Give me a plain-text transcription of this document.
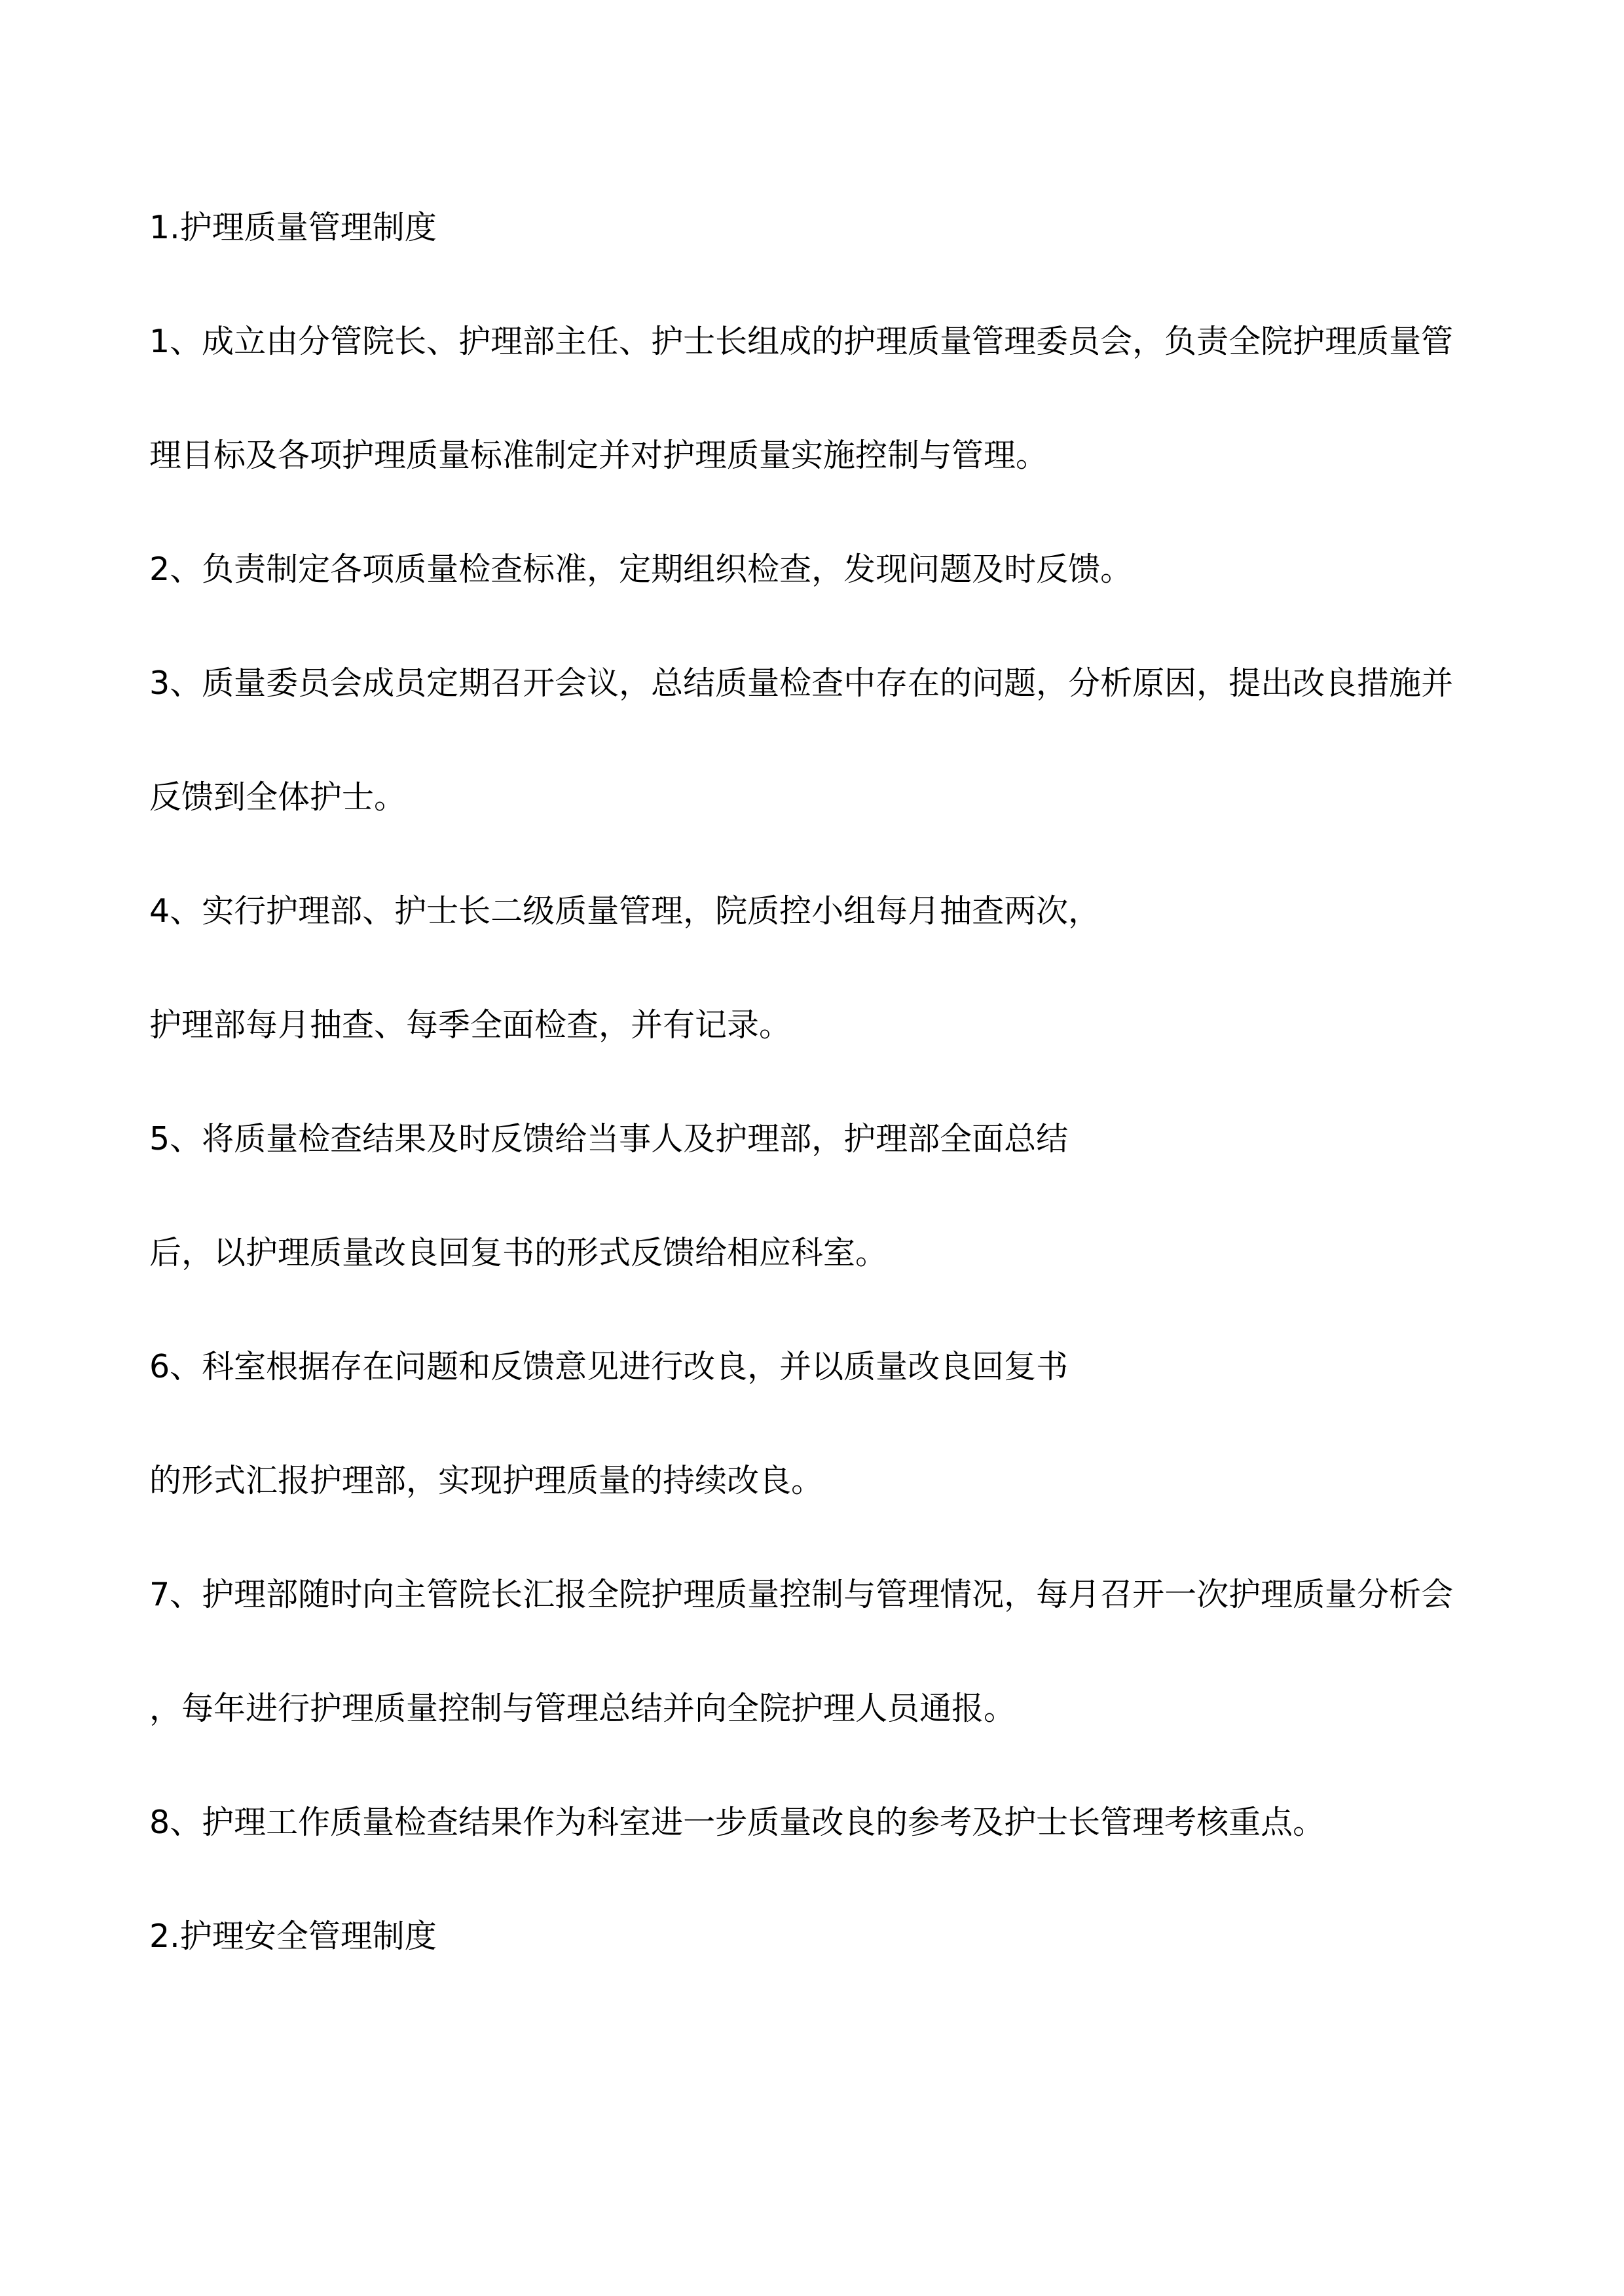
1.护理质量管理制度
1、成立由分管院长、护理部主任、护士长组成的护理质量管理委员会，负责全院护理质量管
理目标及各项护理质量标准制定并对护理质量实施控制与管理。
2、负责制定各项质量检查标准，定期组织检查，发现问题及时反馈。
3、质量委员会成员定期召开会议，总结质量检查中存在的问题，分析原因，提出改良措施并
反馈到全体护士。
4、实行护理部、护士长二级质量管理，院质控小组每月抽查两次，
护理部每月抽查、每季全面检查，并有记录。
5、将质量检查结果及时反馈给当事人及护理部，护理部全面总结
后，以护理质量改良回复书的形式反馈给相应科室。
6、科室根据存在问题和反馈意见进行改良，并以质量改良回复书
的形式汇报护理部，实现护理质量的持续改良。
7、护理部随时向主管院长汇报全院护理质量控制与管理情况，每月召开一次护理质量分析会
，每年进行护理质量控制与管理总结并向全院护理人员通报。
8、护理工作质量检查结果作为科室进一步质量改良的参考及护士长管理考核重点。
2.护理安全管理制度
